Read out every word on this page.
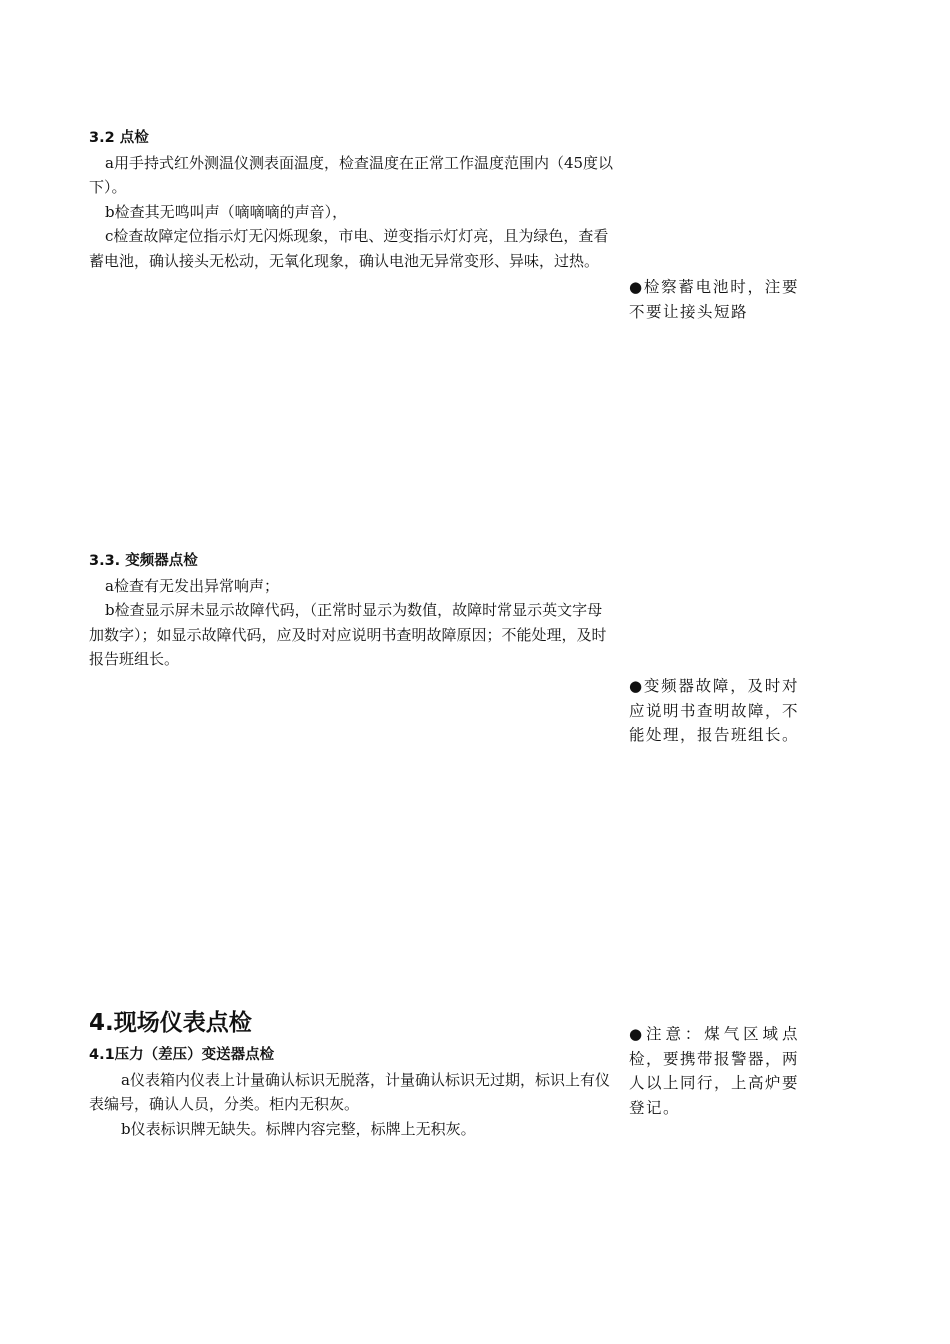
3.2 点检

a用手持式红外测温仪测表面温度，检查温度在正常工作温度范围内（45度以下）。

b检查其无鸣叫声（嘀嘀嘀的声音），

c检查故障定位指示灯无闪烁现象，市电、逆变指示灯灯亮，且为绿色，查看蓄电池，确认接头无松动，无氧化现象，确认电池无异常变形、异味，过热。

●检察蓄电池时，注要不要让接头短路

3.3. 变频器点检

a检查有无发出异常响声；

b检查显示屏未显示故障代码，（正常时显示为数值，故障时常显示英文字母加数字）；如显示故障代码，应及时对应说明书查明故障原因；不能处理，及时报告班组长。

●变频器故障，及时对应说明书查明故障，不能处理，报告班组长。

4.现场仪表点检

4.1压力（差压）变送器点检

a仪表箱内仪表上计量确认标识无脱落，计量确认标识无过期，标识上有仪表编号，确认人员，分类。柜内无积灰。

b仪表标识牌无缺失。标牌内容完整，标牌上无积灰。

●注意：煤气区域点检，要携带报警器，两人以上同行，上高炉要登记。
